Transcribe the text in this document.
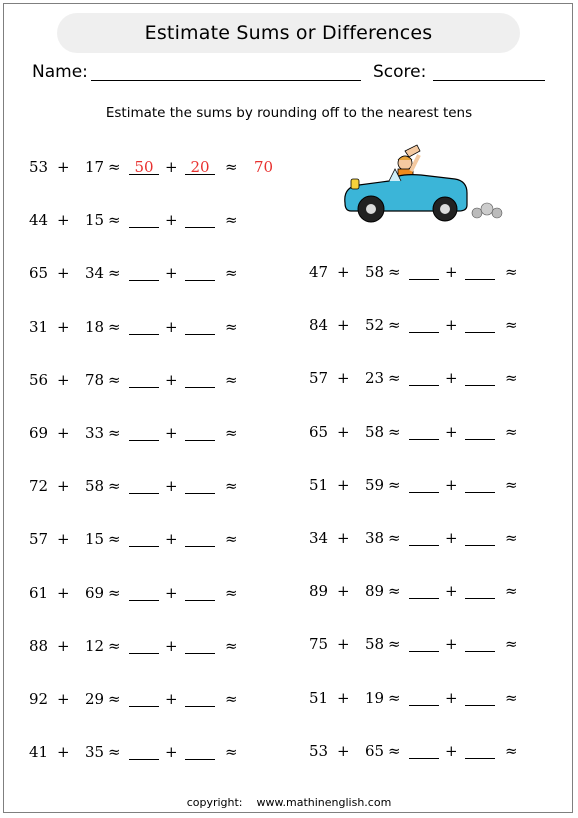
Estimate Sums or Differences
Name:	Score:
Estimate the sums by rounding off to the nearest tens
53 + 17 ≈	+	≈
50	20	70
44 + 15 ≈	+	≈
65 + 34 ≈	+	≈
31 + 18 ≈	+	≈
56 + 78 ≈	+	≈
69 + 33 ≈	+	≈
72 + 58 ≈	+	≈
57 + 15 ≈	+	≈
61 + 69 ≈	+	≈
88 + 12 ≈	+	≈
92 + 29 ≈	+	≈
41 + 35 ≈	+	≈
47 + 58 ≈	+	≈
84 + 52 ≈	+	≈
57 + 23 ≈	+	≈
65 + 58 ≈	+	≈
51 + 59 ≈	+	≈
34 + 38 ≈	+	≈
89 + 89 ≈	+	≈
75 + 58 ≈	+	≈
51 + 19 ≈	+	≈
53 + 65 ≈	+	≈
copyright: www.mathinenglish.com
